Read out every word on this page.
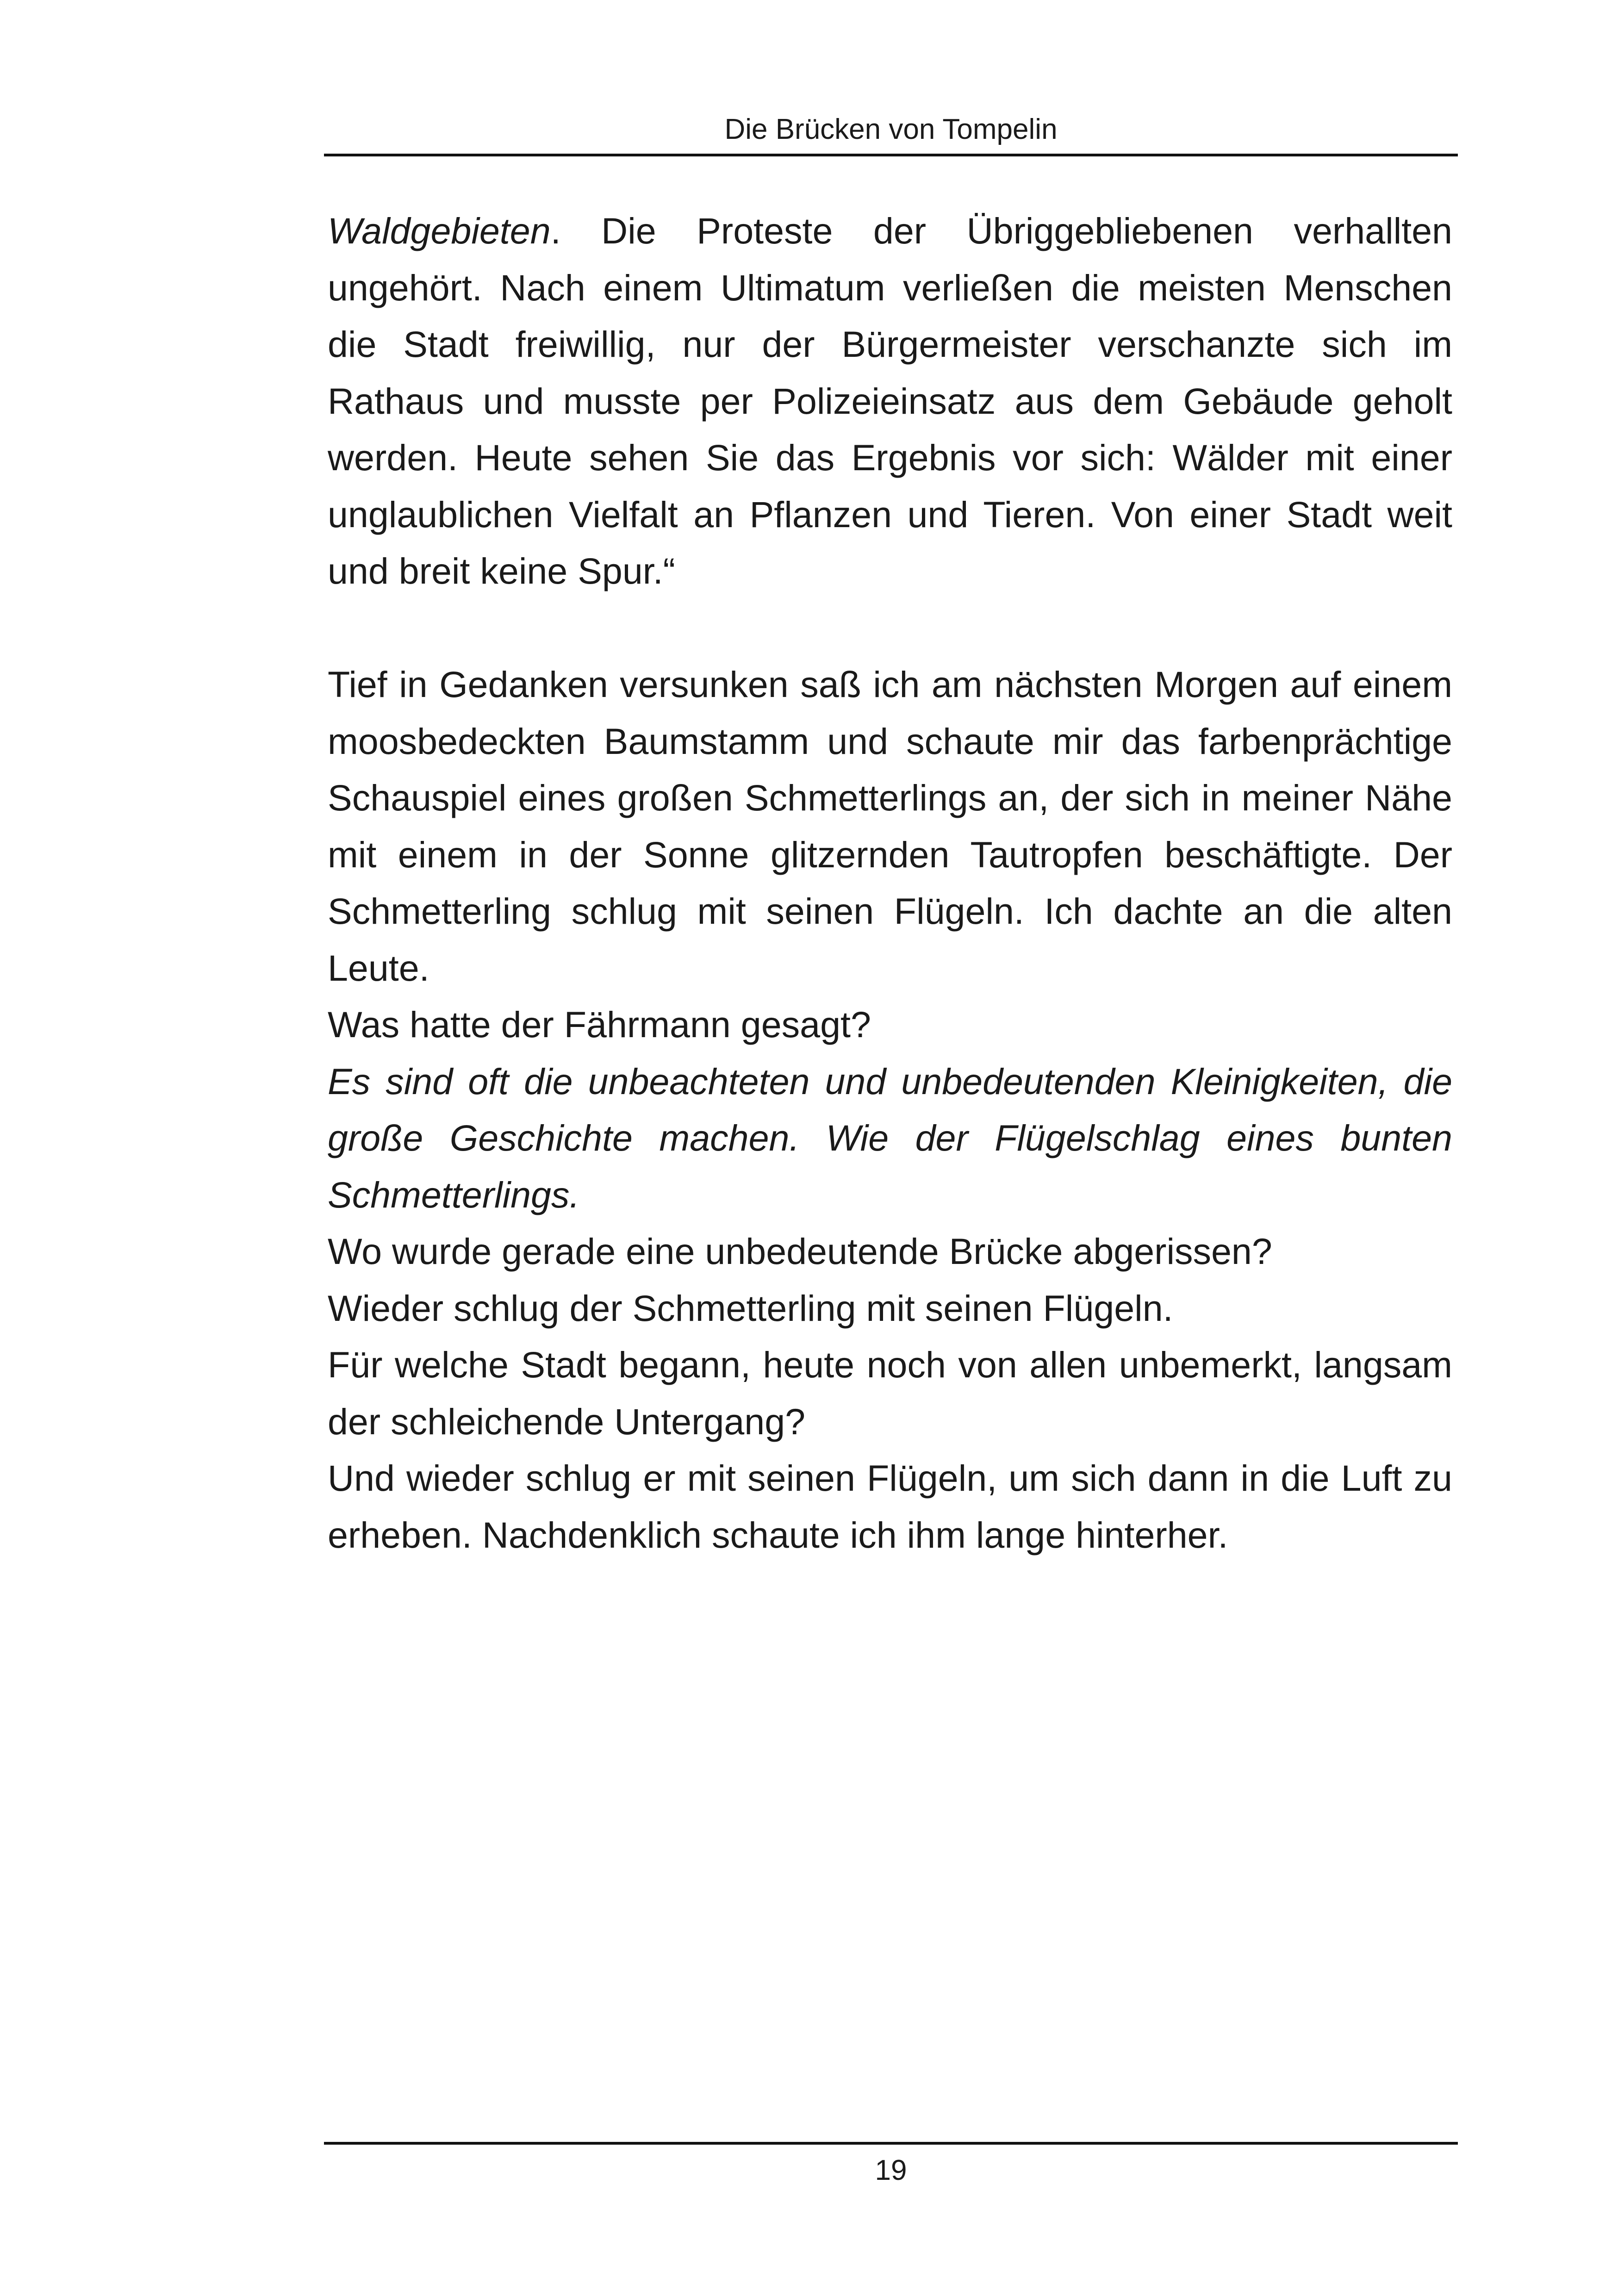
Die Brücken von Tompelin

Waldgebieten. Die Proteste der Übriggebliebenen verhallten ungehört. Nach einem Ultimatum verließen die meisten Menschen die Stadt freiwillig, nur der Bürgermeister verschanzte sich im Rathaus und musste per Polizeieinsatz aus dem Gebäude geholt werden. Heute sehen Sie das Ergebnis vor sich: Wälder mit einer unglaublichen Vielfalt an Pflanzen und Tieren. Von einer Stadt weit und breit keine Spur.“

Tief in Gedanken versunken saß ich am nächsten Morgen auf einem moosbedeckten Baumstamm und schaute mir das farbenprächtige Schauspiel eines großen Schmetterlings an, der sich in meiner Nähe mit einem in der Sonne glitzernden Tautropfen beschäftigte. Der Schmetterling schlug mit seinen Flügeln. Ich dachte an die alten Leute.

Was hatte der Fährmann gesagt?

Es sind oft die unbeachteten und unbedeutenden Kleinigkeiten, die große Geschichte machen. Wie der Flügelschlag eines bunten Schmetterlings.

Wo wurde gerade eine unbedeutende Brücke abgerissen?

Wieder schlug der Schmetterling mit seinen Flügeln.

Für welche Stadt begann, heute noch von allen unbemerkt, langsam der schleichende Untergang?

Und wieder schlug er mit seinen Flügeln, um sich dann in die Luft zu erheben. Nachdenklich schaute ich ihm lange hinterher.

19
